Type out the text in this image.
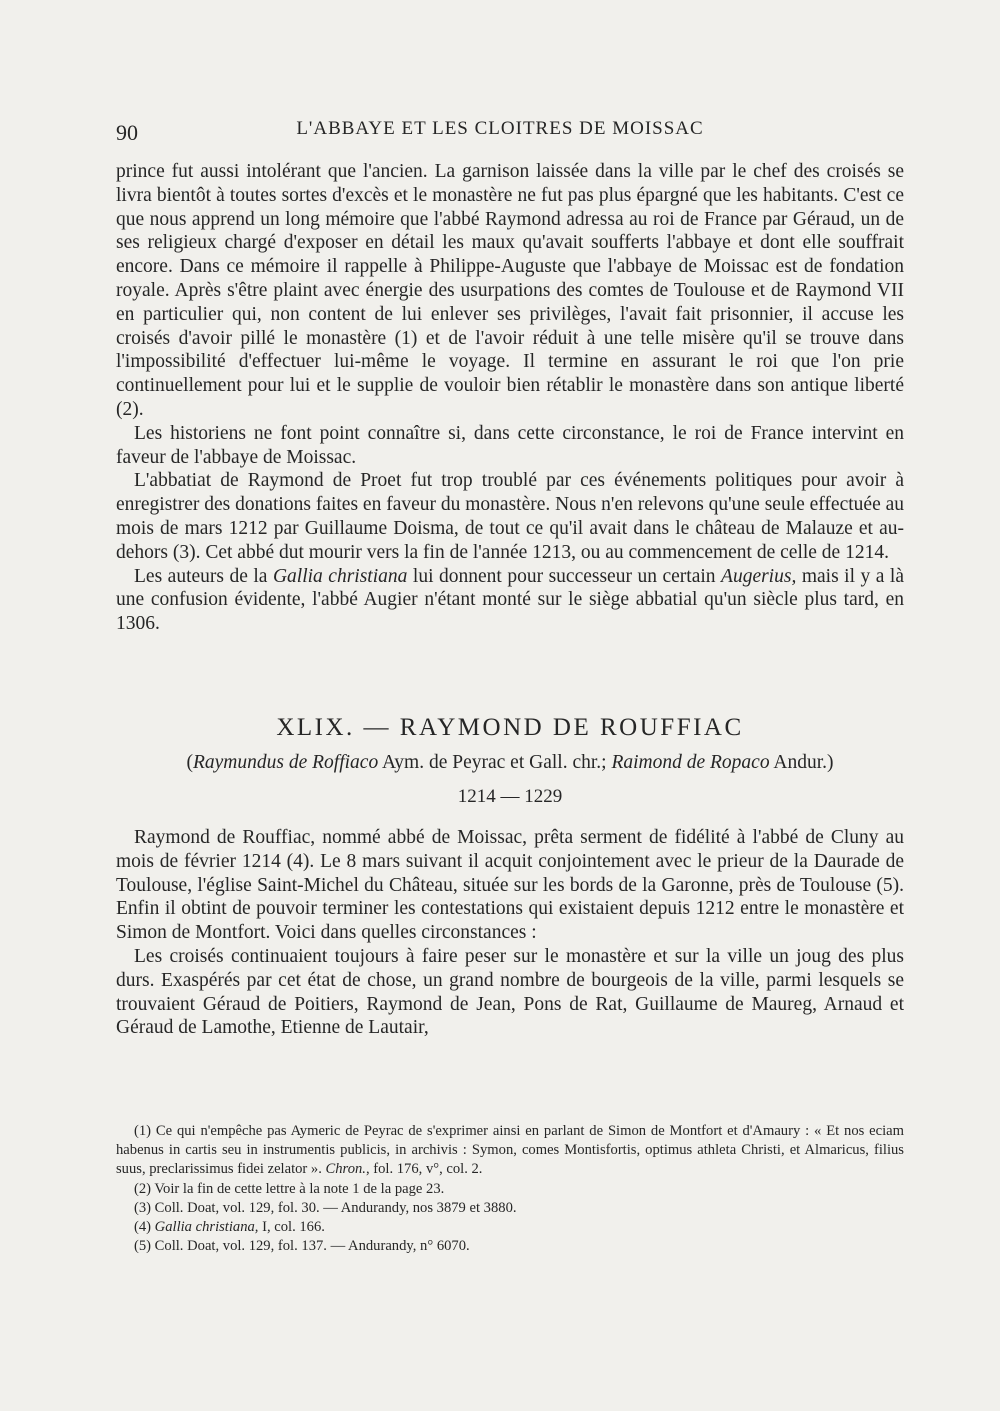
90	L'ABBAYE ET LES CLOITRES DE MOISSAC

prince fut aussi intolérant que l'ancien. La garnison laissée dans la ville par le chef des croisés se livra bientôt à toutes sortes d'excès et le monastère ne fut pas plus épargné que les habitants. C'est ce que nous apprend un long mémoire que l'abbé Raymond adressa au roi de France par Géraud, un de ses religieux chargé d'exposer en détail les maux qu'avait soufferts l'abbaye et dont elle souffrait encore. Dans ce mémoire il rappelle à Philippe-Auguste que l'abbaye de Moissac est de fondation royale. Après s'être plaint avec énergie des usurpations des comtes de Toulouse et de Raymond VII en particulier qui, non content de lui enlever ses privilèges, l'avait fait prisonnier, il accuse les croisés d'avoir pillé le monastère (1) et de l'avoir réduit à une telle misère qu'il se trouve dans l'impossibilité d'effectuer lui-même le voyage. Il termine en assurant le roi que l'on prie continuellement pour lui et le supplie de vouloir bien rétablir le monastère dans son antique liberté (2).

Les historiens ne font point connaître si, dans cette circonstance, le roi de France intervint en faveur de l'abbaye de Moissac.

L'abbatiat de Raymond de Proet fut trop troublé par ces événements politiques pour avoir à enregistrer des donations faites en faveur du monastère. Nous n'en relevons qu'une seule effectuée au mois de mars 1212 par Guillaume Doisma, de tout ce qu'il avait dans le château de Malauze et au-dehors (3). Cet abbé dut mourir vers la fin de l'année 1213, ou au commencement de celle de 1214.

Les auteurs de la Gallia christiana lui donnent pour successeur un certain Augerius, mais il y a là une confusion évidente, l'abbé Augier n'étant monté sur le siège abbatial qu'un siècle plus tard, en 1306.

XLIX. — RAYMOND DE ROUFFIAC
(Raymundus de Roffiaco Aym. de Peyrac et Gall. chr.; Raimond de Ropaco Andur.)
1214 — 1229

Raymond de Rouffiac, nommé abbé de Moissac, prêta serment de fidélité à l'abbé de Cluny au mois de février 1214 (4). Le 8 mars suivant il acquit conjointement avec le prieur de la Daurade de Toulouse, l'église Saint-Michel du Château, située sur les bords de la Garonne, près de Toulouse (5). Enfin il obtint de pouvoir terminer les contestations qui existaient depuis 1212 entre le monastère et Simon de Montfort. Voici dans quelles circonstances :

Les croisés continuaient toujours à faire peser sur le monastère et sur la ville un joug des plus durs. Exaspérés par cet état de chose, un grand nombre de bourgeois de la ville, parmi lesquels se trouvaient Géraud de Poitiers, Raymond de Jean, Pons de Rat, Guillaume de Maureg, Arnaud et Géraud de Lamothe, Etienne de Lautair,

(1) Ce qui n'empêche pas Aymeric de Peyrac de s'exprimer ainsi en parlant de Simon de Montfort et d'Amaury : « Et nos eciam habenus in cartis seu in instrumentis publicis, in archivis : Symon, comes Montisfortis, optimus athleta Christi, et Almaricus, filius suus, preclarissimus fidei zelator ». Chron., fol. 176, v°, col. 2.

(2) Voir la fin de cette lettre à la note 1 de la page 23.

(3) Coll. Doat, vol. 129, fol. 30. — Andurandy, nos 3879 et 3880.

(4) Gallia christiana, I, col. 166.

(5) Coll. Doat, vol. 129, fol. 137. — Andurandy, n° 6070.
